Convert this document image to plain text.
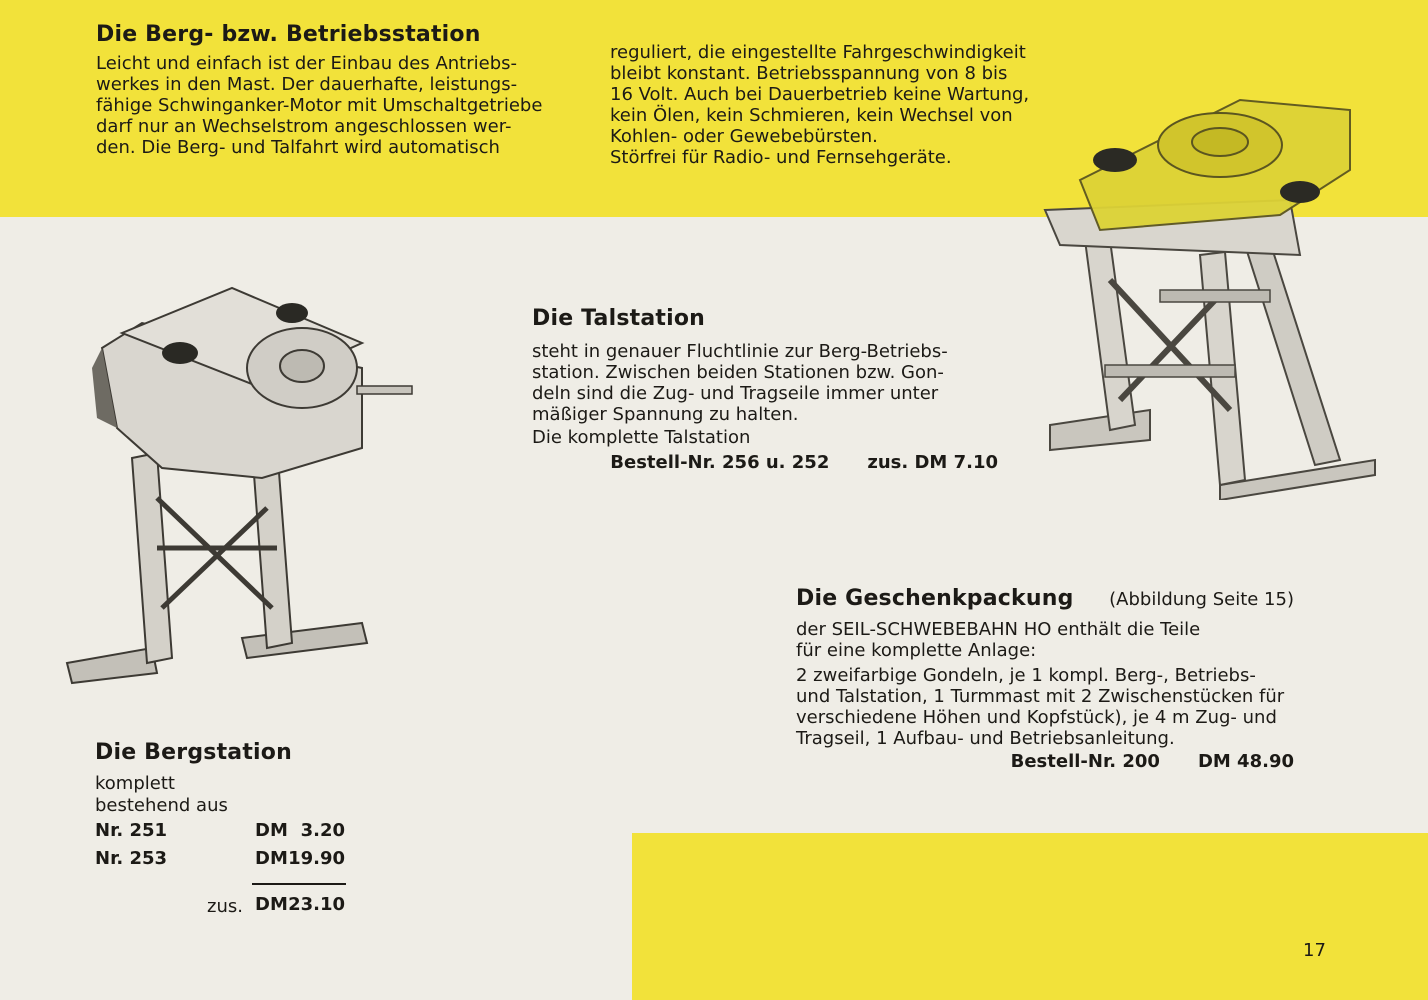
Die Berg- bzw. Betriebsstation
Leicht und einfach ist der Einbau des Antriebs-
werkes in den Mast. Der dauerhafte, leistungs-
fähige Schwinganker-Motor mit Umschaltgetriebe
darf nur an Wechselstrom angeschlossen wer-
den. Die Berg- und Talfahrt wird automatisch
reguliert, die eingestellte Fahrgeschwindigkeit
bleibt konstant. Betriebsspannung von 8 bis
16 Volt. Auch bei Dauerbetrieb keine Wartung,
kein Ölen, kein Schmieren, kein Wechsel von
Kohlen- oder Gewebebürsten.
Störfrei für Radio- und Fernsehgeräte.
Die Talstation
steht in genauer Fluchtlinie zur Berg-Betriebs-
station. Zwischen beiden Stationen bzw. Gon-
deln sind die Zug- und Tragseile immer unter
mäßiger Spannung zu halten.
Die komplette Talstation
Bestell-Nr. 256 u. 252 zus. DM 7.10
Die Geschenkpackung (Abbildung Seite 15)
der SEIL-SCHWEBEBAHN HO enthält die Teile
für eine komplette Anlage:
2 zweifarbige Gondeln, je 1 kompl. Berg-, Betriebs-
und Talstation, 1 Turmmast mit 2 Zwischenstücken für
verschiedene Höhen und Kopfstück), je 4 m Zug- und
Tragseil, 1 Aufbau- und Betriebsanleitung.
Bestell-Nr. 200 DM 48.90
Die Bergstation
komplett
bestehend aus
Nr. 251	DM 3.20
Nr. 253	DM 19.90
zus. DM 23.10
17
